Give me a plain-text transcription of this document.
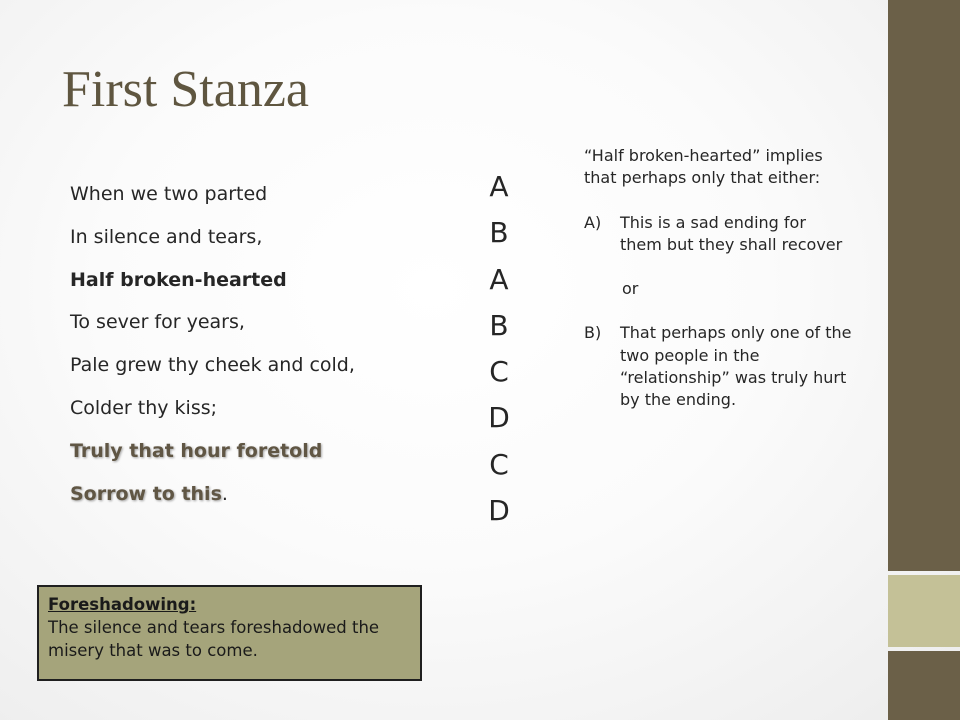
First Stanza
When we two parted
In silence and tears,
Half broken-hearted
To sever for years,
Pale grew thy cheek and cold,
Colder thy kiss;
Truly that hour foretold
Sorrow to this.
A
B
A
B
C
D
C
D

“Half broken-hearted” implies that perhaps only that either:

A)	This is a sad ending for them but they shall recover

or

B)	That perhaps only one of the two people in the “relationship” was truly hurt by the ending.
Foreshadowing:
The silence and tears foreshadowed the misery that was to come.
